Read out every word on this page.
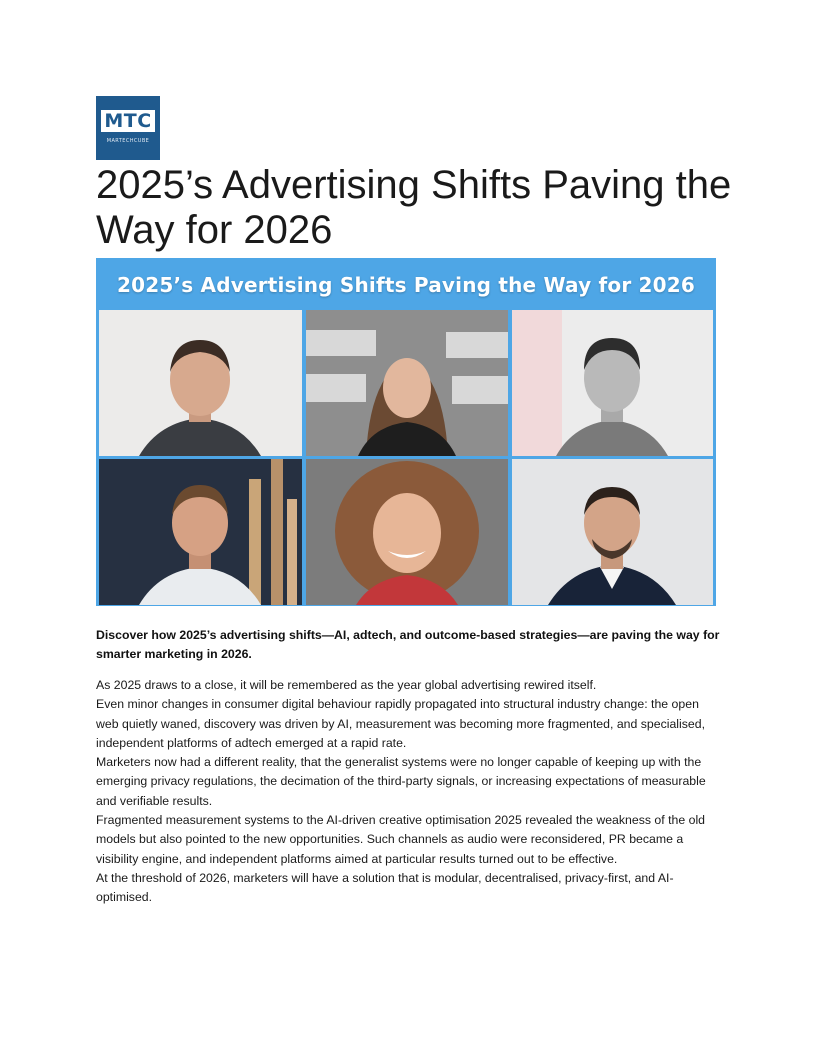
MTC
MARTECHCUBE
2025’s Advertising Shifts Paving the Way for 2026
2025’s Advertising Shifts Paving the Way for 2026

Discover how 2025’s advertising shifts—AI, adtech, and outcome-based strategies—are paving the way for smarter marketing in 2026.

As 2025 draws to a close, it will be remembered as the year global advertising rewired itself.

Even minor changes in consumer digital behaviour rapidly propagated into structural industry change: the open web quietly waned, discovery was driven by AI, measurement was becoming more fragmented, and specialised, independent platforms of adtech emerged at a rapid rate.

Marketers now had a different reality, that the generalist systems were no longer capable of keeping up with the emerging privacy regulations, the decimation of the third-party signals, or increasing expectations of measurable and verifiable results.

Fragmented measurement systems to the AI-driven creative optimisation 2025 revealed the weakness of the old models but also pointed to the new opportunities. Such channels as audio were reconsidered, PR became a visibility engine, and independent platforms aimed at particular results turned out to be effective.

At the threshold of 2026, marketers will have a solution that is modular, decentralised, privacy-first, and AI-optimised.
